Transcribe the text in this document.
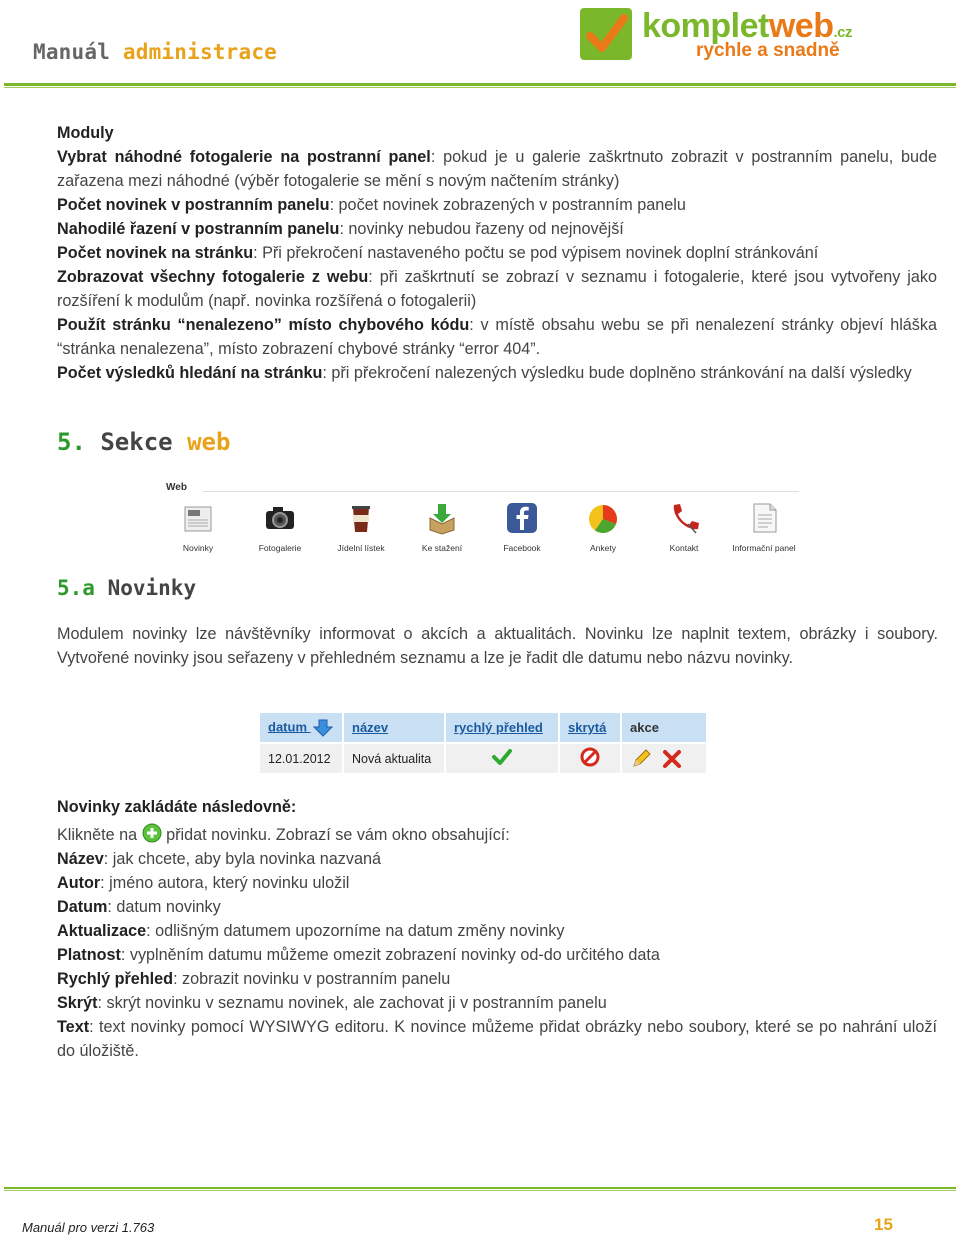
Manuál administrace
kompletweb.cz
rychle a snadně

Moduly

Vybrat náhodné fotogalerie na postranní panel: pokud je u galerie zaškrtnuto zobrazit v postranním panelu, bude zařazena mezi náhodné (výběr fotogalerie se mění s novým načtením stránky)

Počet novinek v postranním panelu: počet novinek zobrazených v postranním panelu

Nahodilé řazení v postranním panelu: novinky nebudou řazeny od nejnovější

Počet novinek na stránku: Při překročení nastaveného počtu se pod výpisem novinek doplní stránkování

Zobrazovat všechny fotogalerie z webu: při zaškrtnutí se zobrazí v seznamu i fotogalerie, které jsou vytvořeny jako rozšíření k modulům (např. novinka rozšířená o fotogalerii)

Použít stránku “nenalezeno” místo chybového kódu: v místě obsahu webu se při nenalezení stránky objeví hláška “stránka nenalezena”, místo zobrazení chybové stránky “error 404”.

Počet výsledků hledání na stránku: při překročení nalezených výsledku bude doplněno stránkování na další výsledky

5. Sekce web
Web
Novinky	Fotogalerie	Jídelní lístek	Ke stažení	Facebook	Ankety	Kontakt	Informační panel
5.a Novinky

Modulem novinky lze návštěvníky informovat o akcích a aktualitách. Novinku lze naplnit textem, obrázky i soubory. Vytvořené novinky jsou seřazeny v přehledném seznamu a lze je řadit dle datumu nebo názvu novinky.

datum	název	rychlý přehled	skrytá	akce
12.01.2012	Nová aktualita			

Novinky zakládáte následovně:

Klikněte na  přidat novinku. Zobrazí se vám okno obsahující:

Název: jak chcete, aby byla novinka nazvaná

Autor: jméno autora, který novinku uložil

Datum: datum novinky

Aktualizace: odlišným datumem upozorníme na datum změny novinky

Platnost: vyplněním datumu můžeme omezit zobrazení novinky od-do určitého data

Rychlý přehled: zobrazit novinku v postranním panelu

Skrýt: skrýt novinku v seznamu novinek, ale zachovat ji v postranním panelu

Text: text novinky pomocí WYSIWYG editoru. K novince můžeme přidat obrázky nebo soubory, které se po nahrání uloží do úložiště.

Manuál pro verzi 1.763	15
